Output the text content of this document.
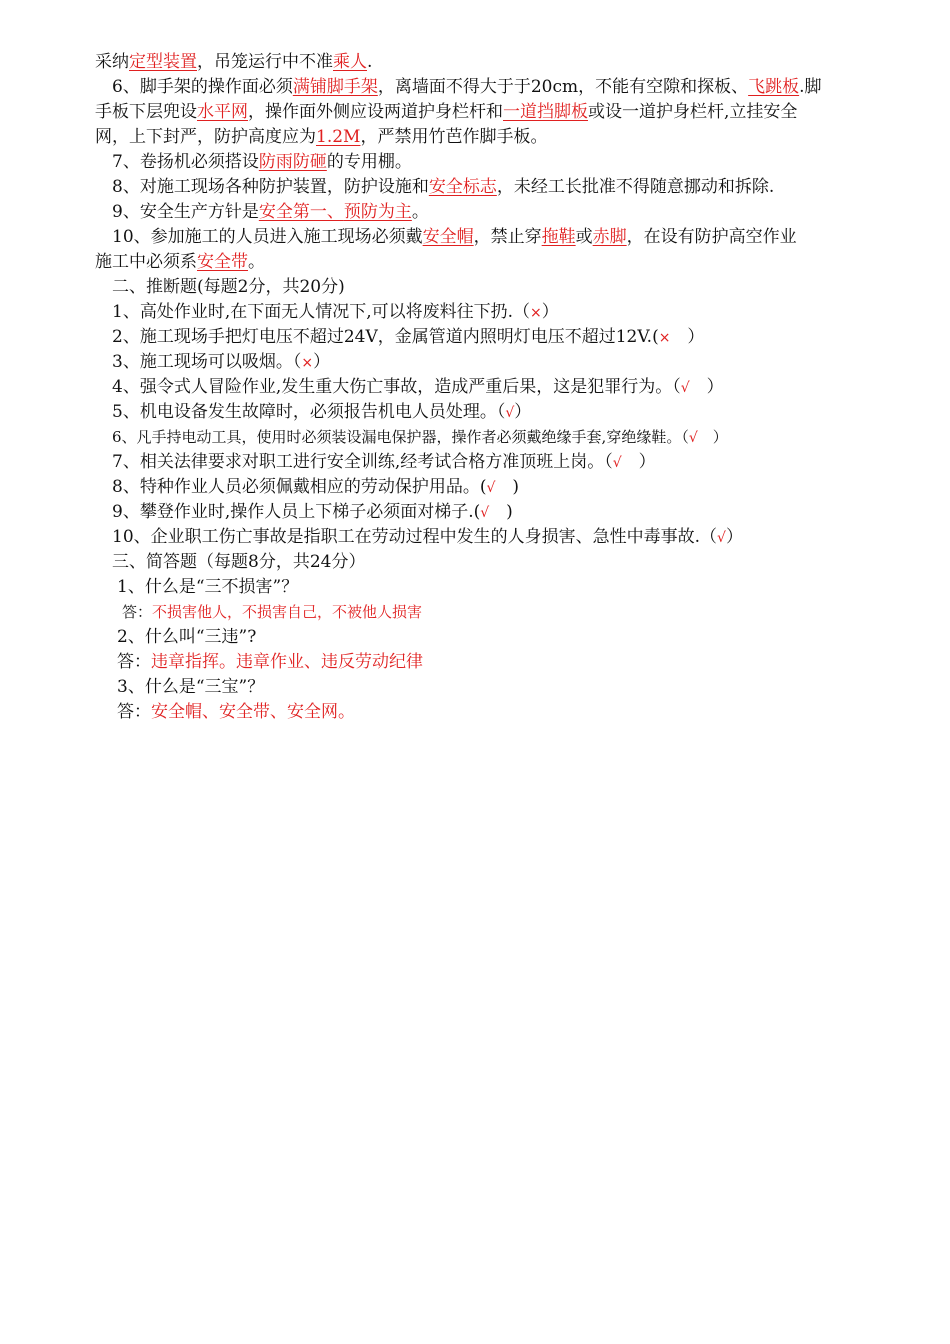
采纳定型装置，吊笼运行中不准乘人.
6、脚手架的操作面必须满铺脚手架，离墙面不得大于于20cm，不能有空隙和探板、飞跳板.脚
手板下层兜设水平网，操作面外侧应设两道护身栏杆和一道挡脚板或设一道护身栏杆,立挂安全
网，上下封严，防护高度应为1.2M，严禁用竹芭作脚手板。
7、卷扬机必须搭设防雨防砸的专用棚。
8、对施工现场各种防护装置，防护设施和安全标志，未经工长批准不得随意挪动和拆除.
9、安全生产方针是安全第一、预防为主。
10、参加施工的人员进入施工现场必须戴安全帽，禁止穿拖鞋或赤脚，在设有防护高空作业
施工中必须系安全带。
二、推断题(每题2分，共20分)
1、高处作业时,在下面无人情况下,可以将废料往下扔.（×）
2、施工现场手把灯电压不超过24V，金属管道内照明灯电压不超过12V.(×　）
3、施工现场可以吸烟。（×）
4、强令式人冒险作业,发生重大伤亡事故，造成严重后果，这是犯罪行为。（√　）
5、机电设备发生故障时，必须报告机电人员处理。（√）
6、凡手持电动工具，使用时必须装设漏电保护器，操作者必须戴绝缘手套,穿绝缘鞋。（√　）
7、相关法律要求对职工进行安全训练,经考试合格方准顶班上岗。（√　）
8、特种作业人员必须佩戴相应的劳动保护用品。(√　)
9、攀登作业时,操作人员上下梯子必须面对梯子.(√　)
10、企业职工伤亡事故是指职工在劳动过程中发生的人身损害、急性中毒事故.（√）
三、简答题（每题8分，共24分）
1、什么是“三不损害”？
答：不损害他人，不损害自己，不被他人损害
2、什么叫“三违”?
答：违章指挥。违章作业、违反劳动纪律
3、什么是“三宝”？
答：安全帽、安全带、安全网。
